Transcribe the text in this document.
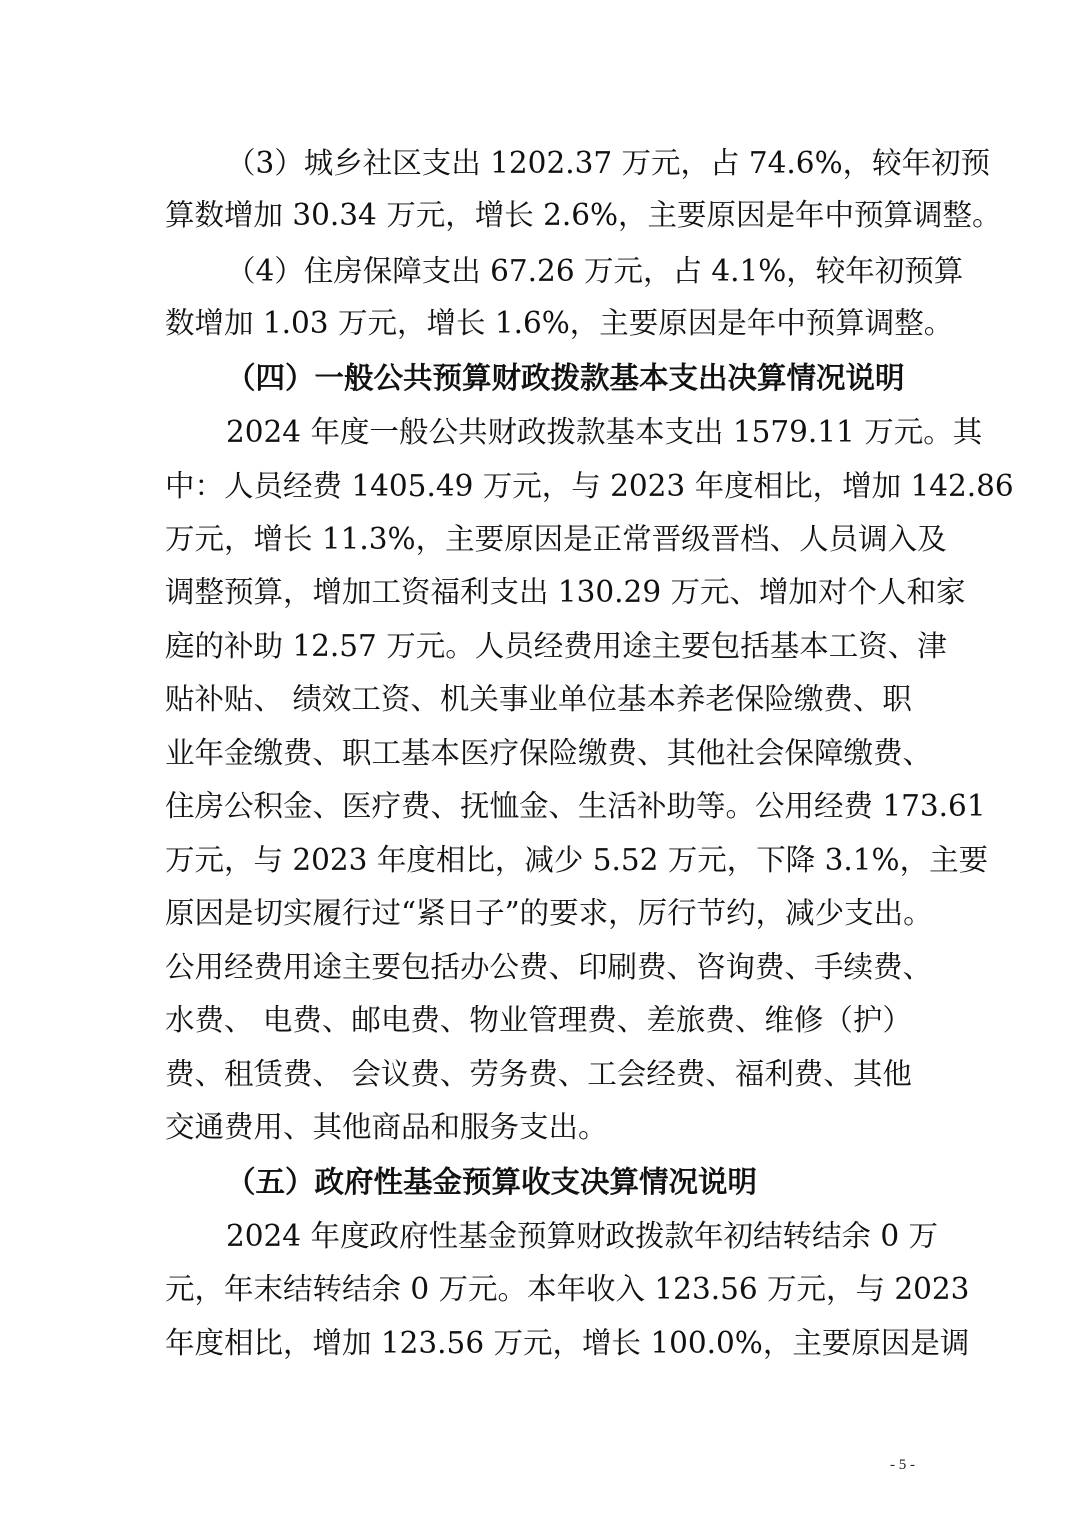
（3）城乡社区支出 1202.37 万元，占 74.6%，较年初预
算数增加 30.34 万元，增长 2.6%，主要原因是年中预算调整。
（4）住房保障支出 67.26 万元，占 4.1%，较年初预算
数增加 1.03 万元，增长 1.6%，主要原因是年中预算调整。
（四）一般公共预算财政拨款基本支出决算情况说明
2024 年度一般公共财政拨款基本支出 1579.11 万元。其
中：人员经费 1405.49 万元，与 2023 年度相比，增加 142.86
万元，增长 11.3%，主要原因是正常晋级晋档、人员调入及
调整预算，增加工资福利支出 130.29 万元、增加对个人和家
庭的补助 12.57 万元。人员经费用途主要包括基本工资、津
贴补贴、 绩效工资、机关事业单位基本养老保险缴费、职
业年金缴费、职工基本医疗保险缴费、其他社会保障缴费、
住房公积金、医疗费、抚恤金、生活补助等。公用经费 173.61
万元，与 2023 年度相比，减少 5.52 万元，下降 3.1%，主要
原因是切实履行过“紧日子”的要求，厉行节约，减少支出。
公用经费用途主要包括办公费、印刷费、咨询费、手续费、
水费、 电费、邮电费、物业管理费、差旅费、维修（护）
费、租赁费、 会议费、劳务费、工会经费、福利费、其他
交通费用、其他商品和服务支出。
（五）政府性基金预算收支决算情况说明
2024 年度政府性基金预算财政拨款年初结转结余 0 万
元，年末结转结余 0 万元。本年收入 123.56 万元，与 2023
年度相比，增加 123.56 万元，增长 100.0%，主要原因是调
- 5 -
